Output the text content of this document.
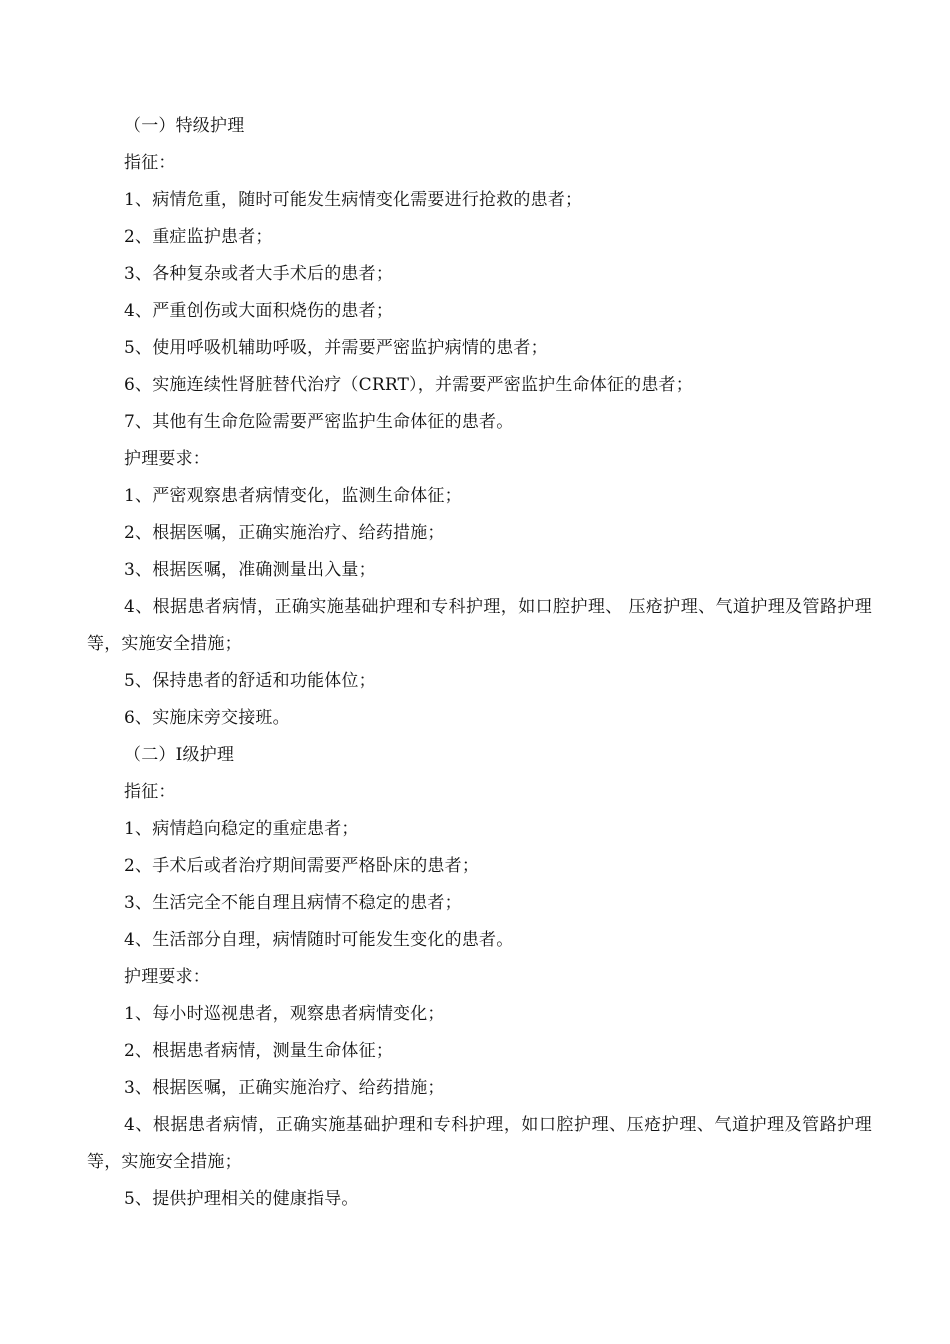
（一）特级护理

指征：

1、病情危重，随时可能发生病情变化需要进行抢救的患者；

2、重症监护患者；

3、各种复杂或者大手术后的患者；

4、严重创伤或大面积烧伤的患者；

5、使用呼吸机辅助呼吸，并需要严密监护病情的患者；

6、实施连续性肾脏替代治疗（CRRT），并需要严密监护生命体征的患者；

7、其他有生命危险需要严密监护生命体征的患者。

护理要求：

1、严密观察患者病情变化，监测生命体征；

2、根据医嘱，正确实施治疗、给药措施；

3、根据医嘱，准确测量出入量；

4、根据患者病情，正确实施基础护理和专科护理，如口腔护理、 压疮护理、气道护理及管路护理等，实施安全措施；

5、保持患者的舒适和功能体位；

6、实施床旁交接班。

（二）Ⅰ级护理

指征：

1、病情趋向稳定的重症患者；

2、手术后或者治疗期间需要严格卧床的患者；

3、生活完全不能自理且病情不稳定的患者；

4、生活部分自理，病情随时可能发生变化的患者。

护理要求：

1、每小时巡视患者，观察患者病情变化；

2、根据患者病情，测量生命体征；

3、根据医嘱，正确实施治疗、给药措施；

4、根据患者病情，正确实施基础护理和专科护理，如口腔护理、压疮护理、气道护理及管路护理等，实施安全措施；

5、提供护理相关的健康指导。
